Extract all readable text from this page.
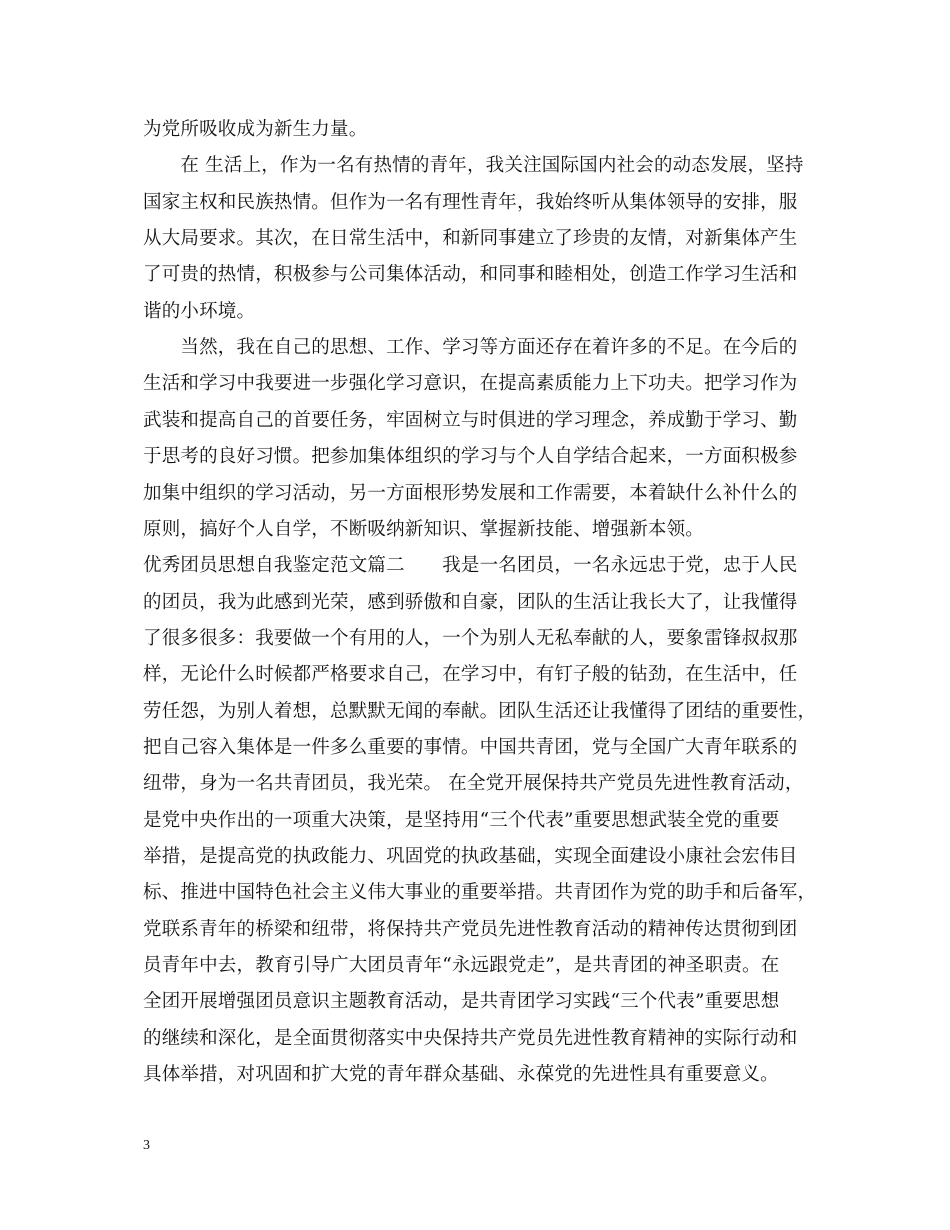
为党所吸收成为新生力量。
　　在 生活上，作为一名有热情的青年，我关注国际国内社会的动态发展，坚持
国家主权和民族热情。但作为一名有理性青年，我始终听从集体领导的安排，服
从大局要求。其次，在日常生活中，和新同事建立了珍贵的友情，对新集体产生
了可贵的热情，积极参与公司集体活动，和同事和睦相处，创造工作学习生活和
谐的小环境。
　　当然，我在自己的思想、工作、学习等方面还存在着许多的不足。在今后的
生活和学习中我要进一步强化学习意识，在提高素质能力上下功夫。把学习作为
武装和提高自己的首要任务，牢固树立与时俱进的学习理念，养成勤于学习、勤
于思考的良好习惯。把参加集体组织的学习与个人自学结合起来，一方面积极参
加集中组织的学习活动，另一方面根形势发展和工作需要，本着缺什么补什么的
原则，搞好个人自学，不断吸纳新知识、掌握新技能、增强新本领。
优秀团员思想自我鉴定范文篇二　　我是一名团员，一名永远忠于党，忠于人民
的团员，我为此感到光荣，感到骄傲和自豪，团队的生活让我长大了，让我懂得
了很多很多：我要做一个有用的人，一个为别人无私奉献的人，要象雷锋叔叔那
样，无论什么时候都严格要求自己，在学习中，有钉子般的钻劲，在生活中，任
劳任怨，为别人着想，总默默无闻的奉献。团队生活还让我懂得了团结的重要性，
把自己容入集体是一件多么重要的事情。中国共青团，党与全国广大青年联系的
纽带，身为一名共青团员，我光荣。 在全党开展保持共产党员先进性教育活动，
是党中央作出的一项重大决策，是坚持用“三个代表”重要思想武装全党的重要
举措，是提高党的执政能力、巩固党的执政基础，实现全面建设小康社会宏伟目
标、推进中国特色社会主义伟大事业的重要举措。共青团作为党的助手和后备军，
党联系青年的桥梁和纽带，将保持共产党员先进性教育活动的精神传达贯彻到团
员青年中去，教育引导广大团员青年“永远跟党走”，是共青团的神圣职责。在
全团开展增强团员意识主题教育活动，是共青团学习实践“三个代表”重要思想
的继续和深化，是全面贯彻落实中央保持共产党员先进性教育精神的实际行动和
具体举措，对巩固和扩大党的青年群众基础、永葆党的先进性具有重要意义。
3
